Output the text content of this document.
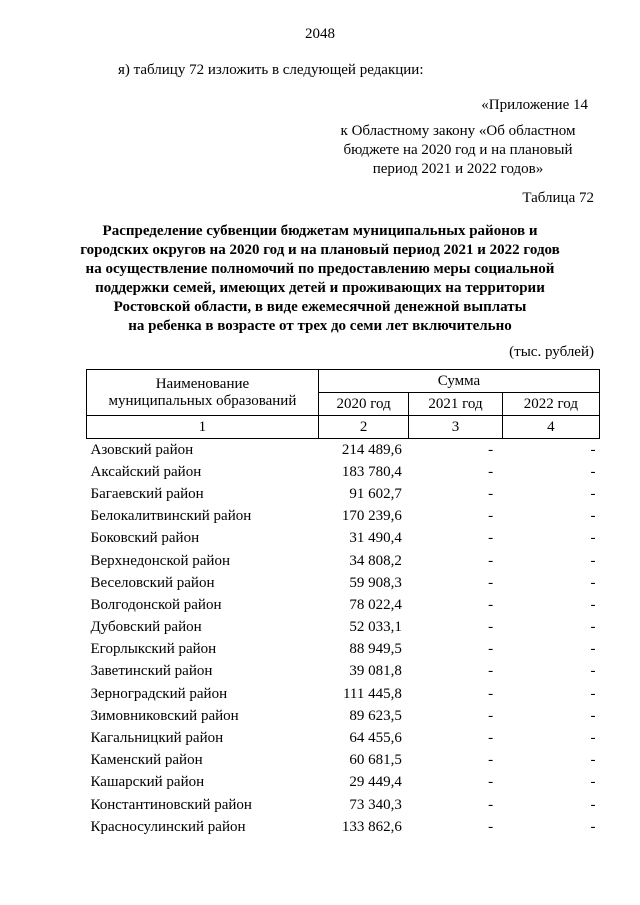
2048
я) таблицу 72 изложить в следующей редакции:
«Приложение 14
к Областному закону «Об областном
бюджете на 2020 год и на плановый
период 2021 и 2022 годов»
Таблица 72
Распределение субвенции бюджетам муниципальных районов и
городских округов на 2020 год и на плановый период 2021 и 2022 годов
на осуществление полномочий по предоставлению меры социальной
поддержки семей, имеющих детей и проживающих на территории
Ростовской области, в виде ежемесячной денежной выплаты
на ребенка в возрасте от трех до семи лет включительно
(тыс. рублей)
Наименование
муниципальных образований	Сумма		
	2020 год	2021 год	2022 год
1	2	3	4
Азовский район	214 489,6	-	-
Аксайский район	183 780,4	-	-
Багаевский район	91 602,7	-	-
Белокалитвинский район	170 239,6	-	-
Боковский район	31 490,4	-	-
Верхнедонской район	34 808,2	-	-
Веселовский район	59 908,3	-	-
Волгодонской район	78 022,4	-	-
Дубовский район	52 033,1	-	-
Егорлыкский район	88 949,5	-	-
Заветинский район	39 081,8	-	-
Зерноградский район	111 445,8	-	-
Зимовниковский район	89 623,5	-	-
Кагальницкий район	64 455,6	-	-
Каменский район	60 681,5	-	-
Кашарский район	29 449,4	-	-
Константиновский район	73 340,3	-	-
Красносулинский район	133 862,6	-	-
